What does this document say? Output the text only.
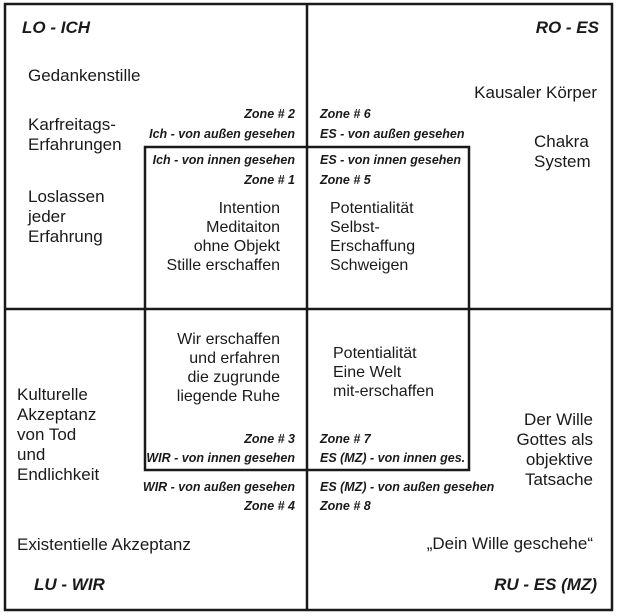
LO - ICH	RO - ES
LU - WIR	RU - ES (MZ)
Gedankenstille
Karfreitags-
Erfahrungen
Loslassen
jeder
Erfahrung
Kausaler Körper
Chakra
System
Kulturelle
Akzeptanz
von Tod
und
Endlichkeit
Existentielle Akzeptanz
Der Wille
Gottes als
objektive
Tatsache
„Dein Wille geschehe“
Zone # 2
Ich - von außen gesehen
Ich - von innen gesehen
Zone # 1
Zone # 6
ES - von außen gesehen
ES - von innen gesehen
Zone # 5
Intention
Meditaiton
ohne Objekt
Stille erschaffen
Potentialität
Selbst-
Erschaffung
Schweigen
Wir erschaffen
und erfahren
die zugrunde
liegende Ruhe
Potentialität
Eine Welt
mit-erschaffen
Zone # 3
WIR - von innen gesehen
WIR - von außen gesehen
Zone # 4
Zone # 7
ES (MZ) - von innen ges.
ES (MZ) - von außen gesehen
Zone # 8
